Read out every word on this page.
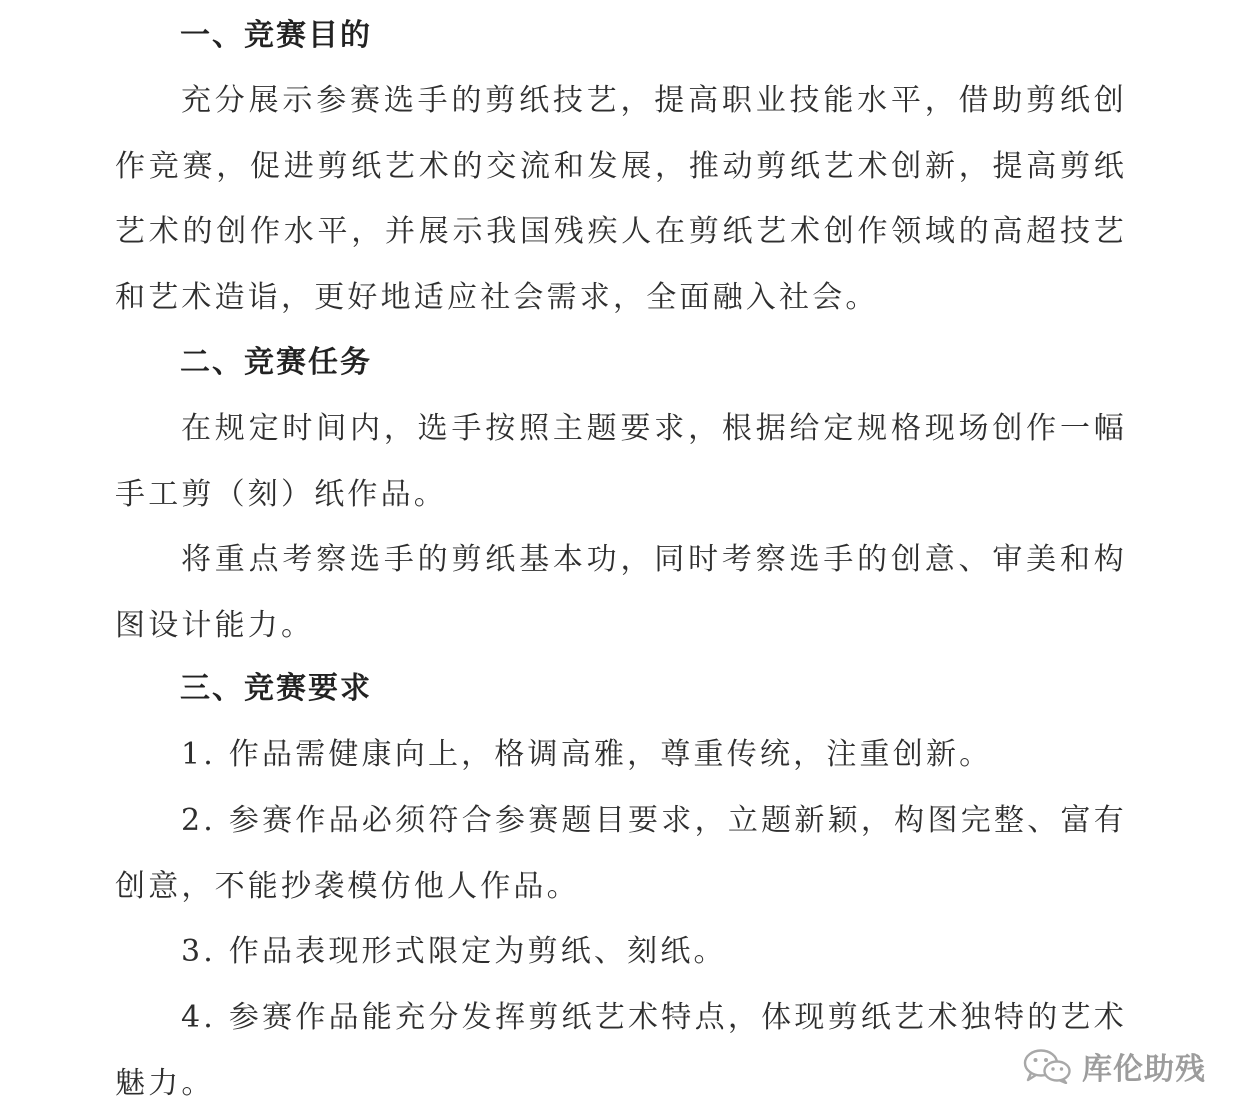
一、竞赛目的

充分展示参赛选手的剪纸技艺，提高职业技能水平，借助剪纸创作竞赛，促进剪纸艺术的交流和发展，推动剪纸艺术创新，提高剪纸艺术的创作水平，并展示我国残疾人在剪纸艺术创作领域的高超技艺和艺术造诣，更好地适应社会需求，全面融入社会。

二、竞赛任务

在规定时间内，选手按照主题要求，根据给定规格现场创作一幅手工剪（刻）纸作品。

将重点考察选手的剪纸基本功，同时考察选手的创意、审美和构图设计能力。

三、竞赛要求

1. 作品需健康向上，格调高雅，尊重传统，注重创新。

2. 参赛作品必须符合参赛题目要求，立题新颖，构图完整、富有创意，不能抄袭模仿他人作品。

3. 作品表现形式限定为剪纸、刻纸。

4. 参赛作品能充分发挥剪纸艺术特点，体现剪纸艺术独特的艺术魅力。	库伦助残
